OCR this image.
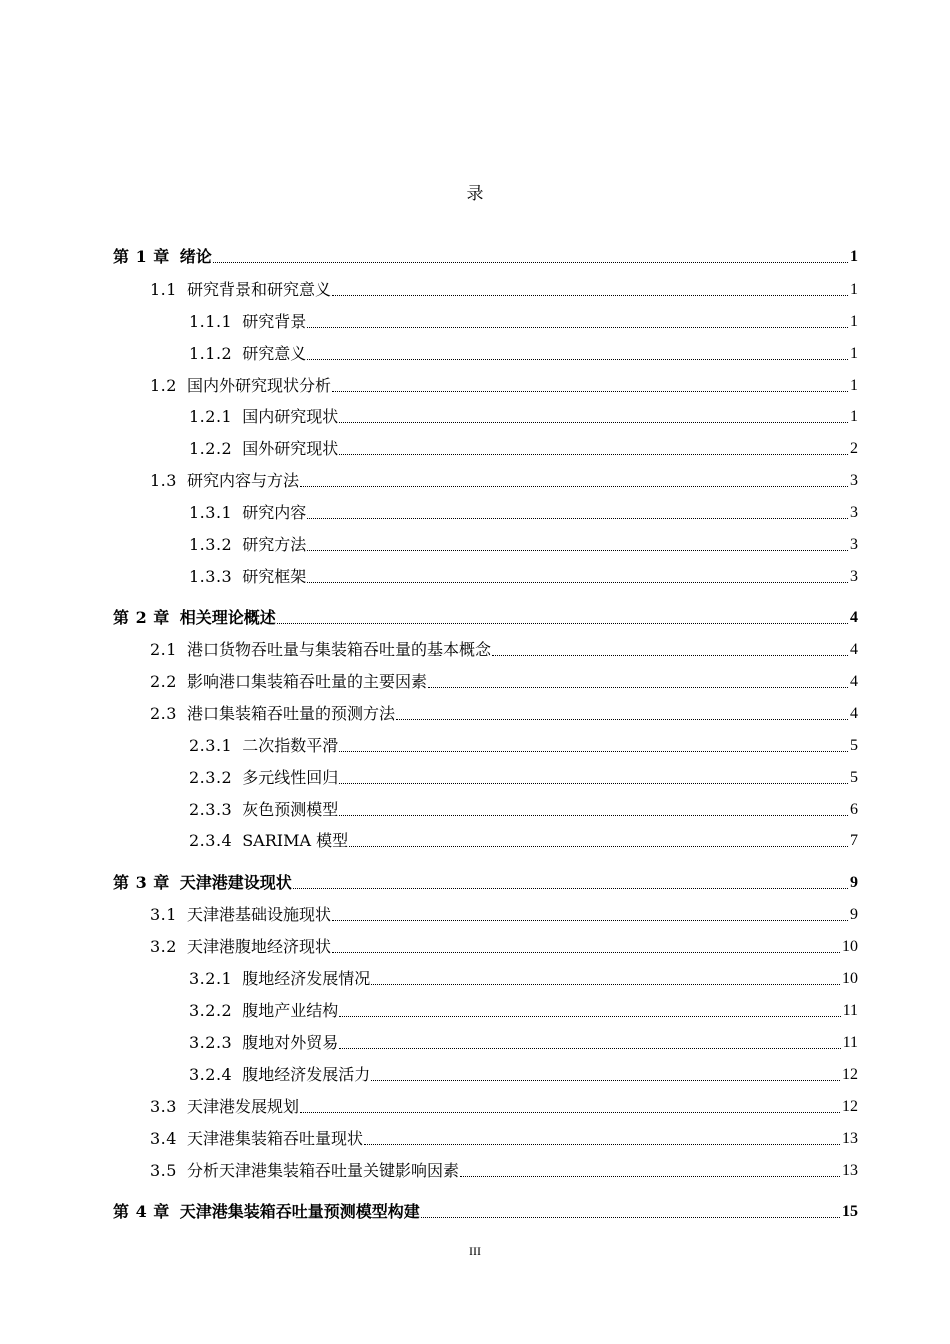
录
第 1 章 绪论	1
1.1 研究背景和研究意义	1
1.1.1 研究背景	1
1.1.2 研究意义	1
1.2 国内外研究现状分析	1
1.2.1 国内研究现状	1
1.2.2 国外研究现状	2
1.3 研究内容与方法	3
1.3.1 研究内容	3
1.3.2 研究方法	3
1.3.3 研究框架	3
第 2 章 相关理论概述	4
2.1 港口货物吞吐量与集装箱吞吐量的基本概念	4
2.2 影响港口集装箱吞吐量的主要因素	4
2.3 港口集装箱吞吐量的预测方法	4
2.3.1 二次指数平滑	5
2.3.2 多元线性回归	5
2.3.3 灰色预测模型	6
2.3.4 SARIMA 模型	7
第 3 章 天津港建设现状	9
3.1 天津港基础设施现状	9
3.2 天津港腹地经济现状	10
3.2.1 腹地经济发展情况	10
3.2.2 腹地产业结构	11
3.2.3 腹地对外贸易	11
3.2.4 腹地经济发展活力	12
3.3 天津港发展规划	12
3.4 天津港集装箱吞吐量现状	13
3.5 分析天津港集装箱吞吐量关键影响因素	13
第 4 章 天津港集装箱吞吐量预测模型构建	15
III
